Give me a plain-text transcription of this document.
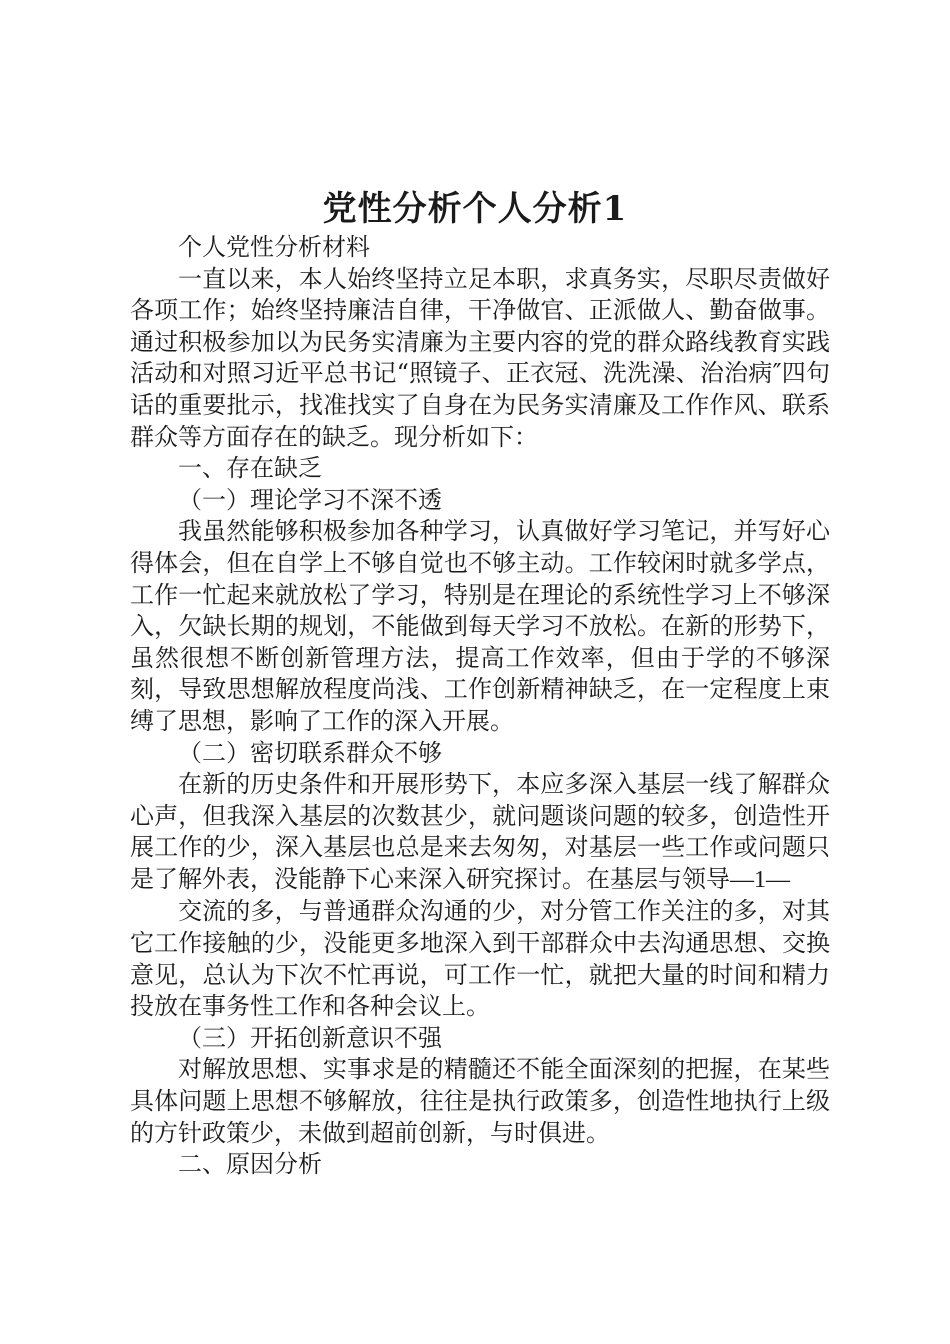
党性分析个人分析1

个人党性分析材料

一直以来，本人始终坚持立足本职，求真务实，尽职尽责做好各项工作；始终坚持廉洁自律，干净做官、正派做人、勤奋做事。通过积极参加以为民务实清廉为主要内容的党的群众路线教育实践活动和对照习近平总书记“照镜子、正衣冠、洗洗澡、治治病″四句话的重要批示，找准找实了自身在为民务实清廉及工作作风、联系群众等方面存在的缺乏。现分析如下：

一、存在缺乏

（一）理论学习不深不透

我虽然能够积极参加各种学习，认真做好学习笔记，并写好心得体会，但在自学上不够自觉也不够主动。工作较闲时就多学点，工作一忙起来就放松了学习，特别是在理论的系统性学习上不够深入，欠缺长期的规划，不能做到每天学习不放松。在新的形势下，虽然很想不断创新管理方法，提高工作效率，但由于学的不够深刻，导致思想解放程度尚浅、工作创新精神缺乏，在一定程度上束缚了思想，影响了工作的深入开展。

（二）密切联系群众不够

在新的历史条件和开展形势下，本应多深入基层一线了解群众心声，但我深入基层的次数甚少，就问题谈问题的较多，创造性开展工作的少，深入基层也总是来去匆匆，对基层一些工作或问题只是了解外表，没能静下心来深入研究探讨。在基层与领导—1—

交流的多，与普通群众沟通的少，对分管工作关注的多，对其它工作接触的少，没能更多地深入到干部群众中去沟通思想、交换意见，总认为下次不忙再说，可工作一忙，就把大量的时间和精力投放在事务性工作和各种会议上。

（三）开拓创新意识不强

对解放思想、实事求是的精髓还不能全面深刻的把握，在某些具体问题上思想不够解放，往往是执行政策多，创造性地执行上级的方针政策少，未做到超前创新，与时俱进。

二、原因分析
